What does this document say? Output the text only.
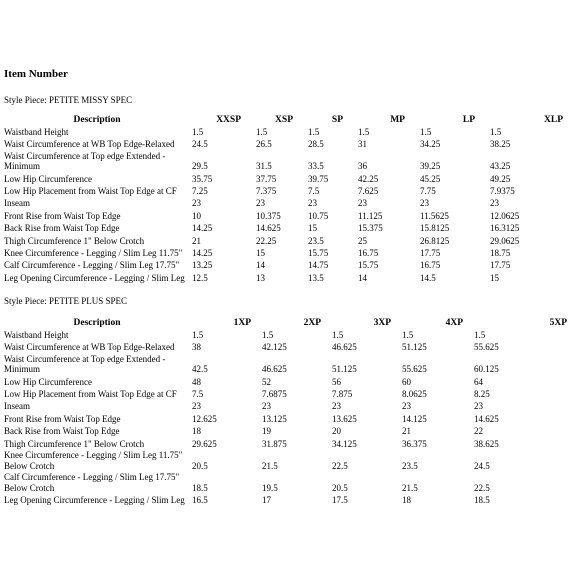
Item Number
Style Piece: PETITE MISSY SPEC
Description	XXSP	XSP	SP	MP	LP	XLP
Waistband Height	1.5	1.5	1.5	1.5	1.5	1.5
Waist Circumference at WB Top Edge-Relaxed	24.5	26.5	28.5	31	34.25	38.25
Waist Circumference at Top edge Extended - Minimum	29.5	31.5	33.5	36	39.25	43.25
Low Hip Circumference	35.75	37.75	39.75	42.25	45.25	49.25
Low Hip Placement from Waist Top Edge at CF	7.25	7.375	7.5	7.625	7.75	7.9375
Inseam	23	23	23	23	23	23
Front Rise from Waist Top Edge	10	10.375	10.75	11.125	11.5625	12.0625
Back Rise from Waist Top Edge	14.25	14.625	15	15.375	15.8125	16.3125
Thigh Circumference 1" Below Crotch	21	22.25	23.5	25	26.8125	29.0625
Knee Circumference - Legging / Slim Leg 11.75"	14.25	15	15.75	16.75	17.75	18.75
Calf Circumference - Legging / Slim Leg 17.75"	13.25	14	14.75	15.75	16.75	17.75
Leg Opening Circumference - Legging / Slim Leg	12.5	13	13.5	14	14.5	15
Style Piece: PETITE PLUS SPEC
Description	1XP	2XP	3XP	4XP	5XP
Waistband Height	1.5	1.5	1.5	1.5	1.5
Waist Circumference at WB Top Edge-Relaxed	38	42.125	46.625	51.125	55.625
Waist Circumference at Top edge Extended - Minimum	42.5	46.625	51.125	55.625	60.125
Low Hip Circumference	48	52	56	60	64
Low Hip Placement from Waist Top Edge at CF	7.5	7.6875	7.875	8.0625	8.25
Inseam	23	23	23	23	23
Front Rise from Waist Top Edge	12.625	13.125	13.625	14.125	14.625
Back Rise from Waist Top Edge	18	19	20	21	22
Thigh Circumference 1" Below Crotch	29.625	31.875	34.125	36.375	38.625
Knee Circumference - Legging / Slim Leg 11.75" Below Crotch	20.5	21.5	22.5	23.5	24.5
Calf Circumference - Legging / Slim Leg 17.75" Below Crotch	18.5	19.5	20.5	21.5	22.5
Leg Opening Circumference - Legging / Slim Leg	16.5	17	17.5	18	18.5
